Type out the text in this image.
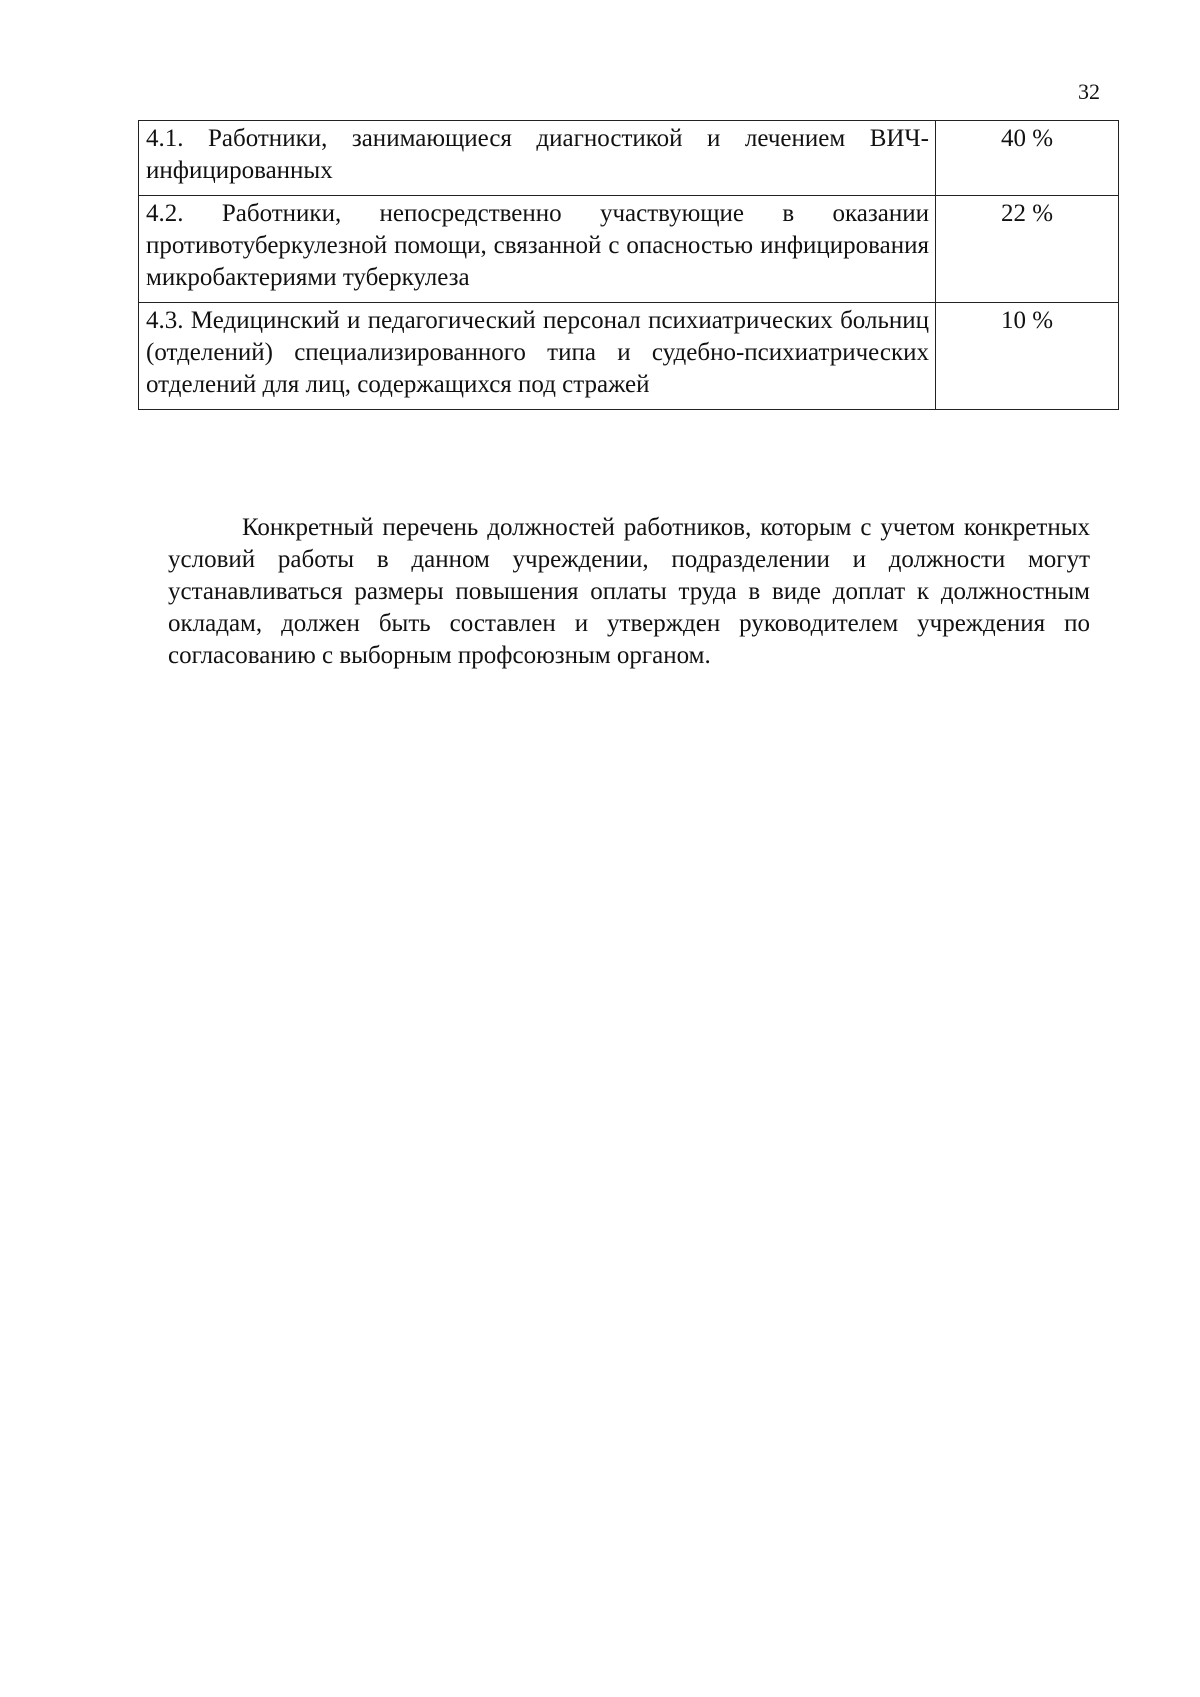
32
4.1. Работники, занимающиеся диагностикой и лечением ВИЧ-инфицированных	40 %
4.2. Работники, непосредственно участвующие в оказании противотуберкулезной помощи, связанной с опасностью инфицирования микробактериями туберкулеза	22 %
4.3. Медицинский и педагогический персонал психиатрических больниц (отделений) специализированного типа и судебно-психиатрических отделений для лиц, содержащихся под стражей	10 %

Конкретный перечень должностей работников, которым с учетом конкретных условий работы в данном учреждении, подразделении и должности могут устанавливаться размеры повышения оплаты труда в виде доплат к должностным окладам, должен быть составлен и утвержден руководителем учреждения по согласованию с выборным профсоюзным органом.
